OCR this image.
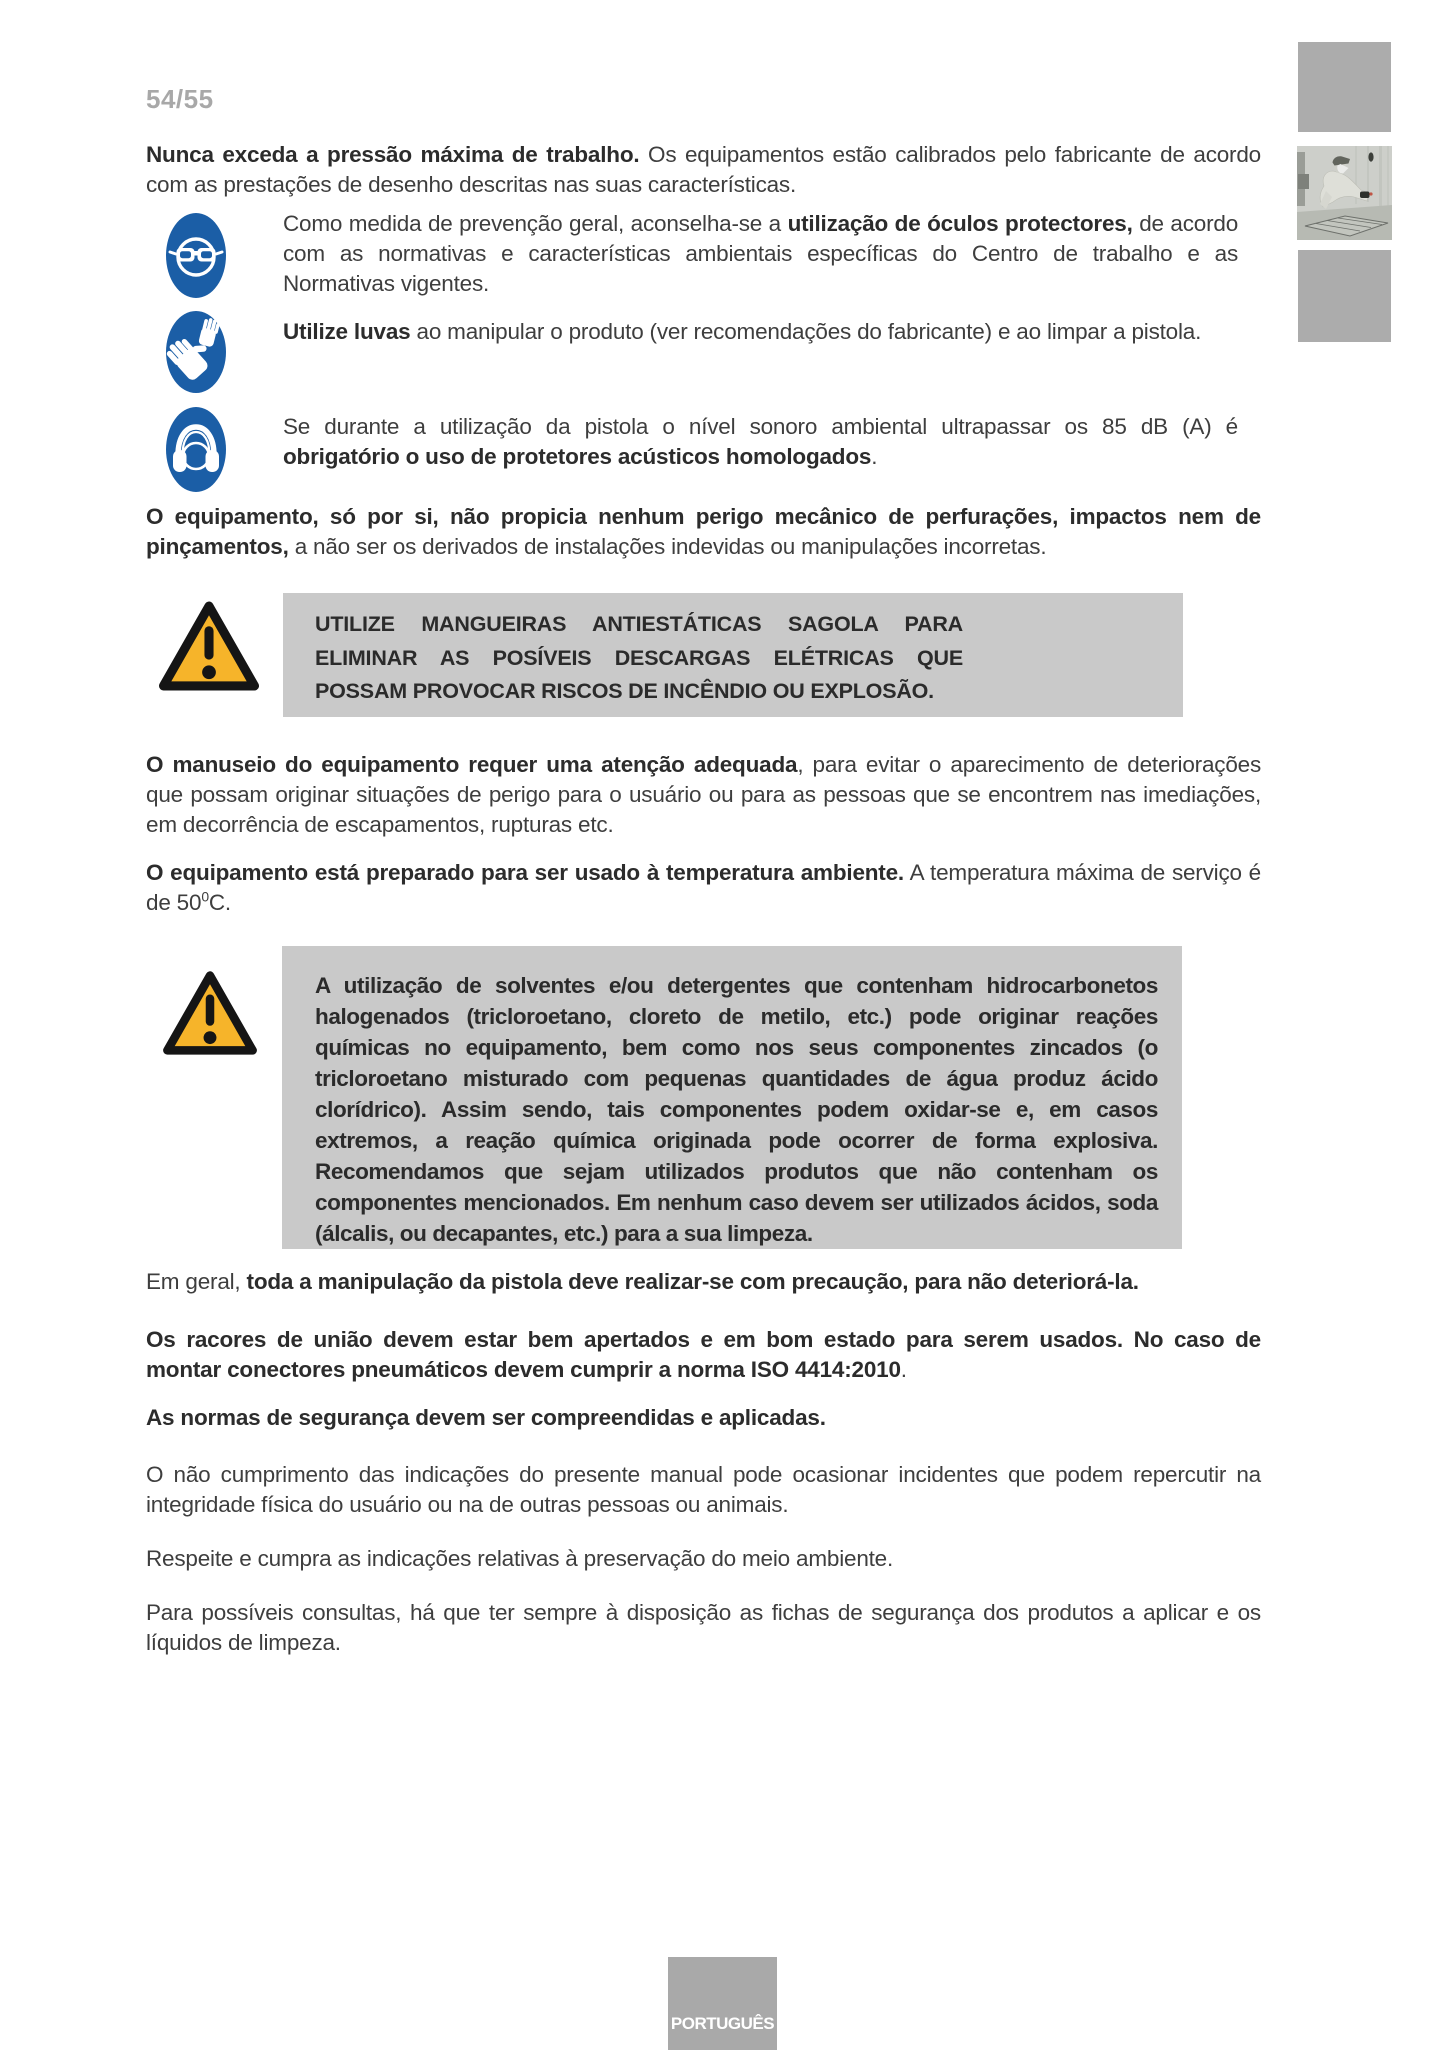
54/55
Nunca exceda a pressão máxima de trabalho. Os equipamentos estão calibrados pelo fabricante de acordo com as prestações de desenho descritas nas suas características.
Como medida de prevenção geral, aconselha-se a utilização de óculos protectores, de acordo com as normativas e características ambientais específicas do Centro de trabalho e as Normativas vigentes.
Utilize luvas ao manipular o produto (ver recomendações do fabricante) e ao limpar a pistola.
Se durante a utilização da pistola o nível sonoro ambiental ultrapassar os 85 dB (A) é obrigatório o uso de protetores acústicos homologados.
O equipamento, só por si, não propicia nenhum perigo mecânico de perfurações, impactos nem de pinçamentos, a não ser os derivados de instalações indevidas ou manipulações incorretas.
UTILIZE MANGUEIRAS ANTIESTÁTICAS SAGOLA PARA ELIMINAR AS POSÍVEIS DESCARGAS ELÉTRICAS QUE POSSAM PROVOCAR RISCOS DE INCÊNDIO OU EXPLOSÃO.
O manuseio do equipamento requer uma atenção adequada, para evitar o aparecimento de deteriorações que possam originar situações de perigo para o usuário ou para as pessoas que se encontrem nas imediações, em decorrência de escapamentos, rupturas etc.
O equipamento está preparado para ser usado à temperatura ambiente. A temperatura máxima de serviço é de $50^0C$.
A utilização de solventes e/ou detergentes que contenham hidrocarbonetos halogenados (tricloroetano, cloreto de metilo, etc.) pode originar reações químicas no equipamento, bem como nos seus componentes zincados (o tricloroetano misturado com pequenas quantidades de água produz ácido clorídrico). Assim sendo, tais componentes podem oxidar-se e, em casos extremos, a reação química originada pode ocorrer de forma explosiva. Recomendamos que sejam utilizados produtos que não contenham os componentes mencionados. Em nenhum caso devem ser utilizados ácidos, soda (álcalis, ou decapantes, etc.) para a sua limpeza.
Em geral, toda a manipulação da pistola deve realizar-se com precaução, para não deteriorá-la.
Os racores de união devem estar bem apertados e em bom estado para serem usados. No caso de montar conectores pneumáticos devem cumprir a norma ISO 4414:2010.
As normas de segurança devem ser compreendidas e aplicadas.
O não cumprimento das indicações do presente manual pode ocasionar incidentes que podem repercutir na integridade física do usuário ou na de outras pessoas ou animais.
Respeite e cumpra as indicações relativas à preservação do meio ambiente.
Para possíveis consultas, há que ter sempre à disposição as fichas de segurança dos produtos a aplicar e os líquidos de limpeza.
PORTUGUÊS
